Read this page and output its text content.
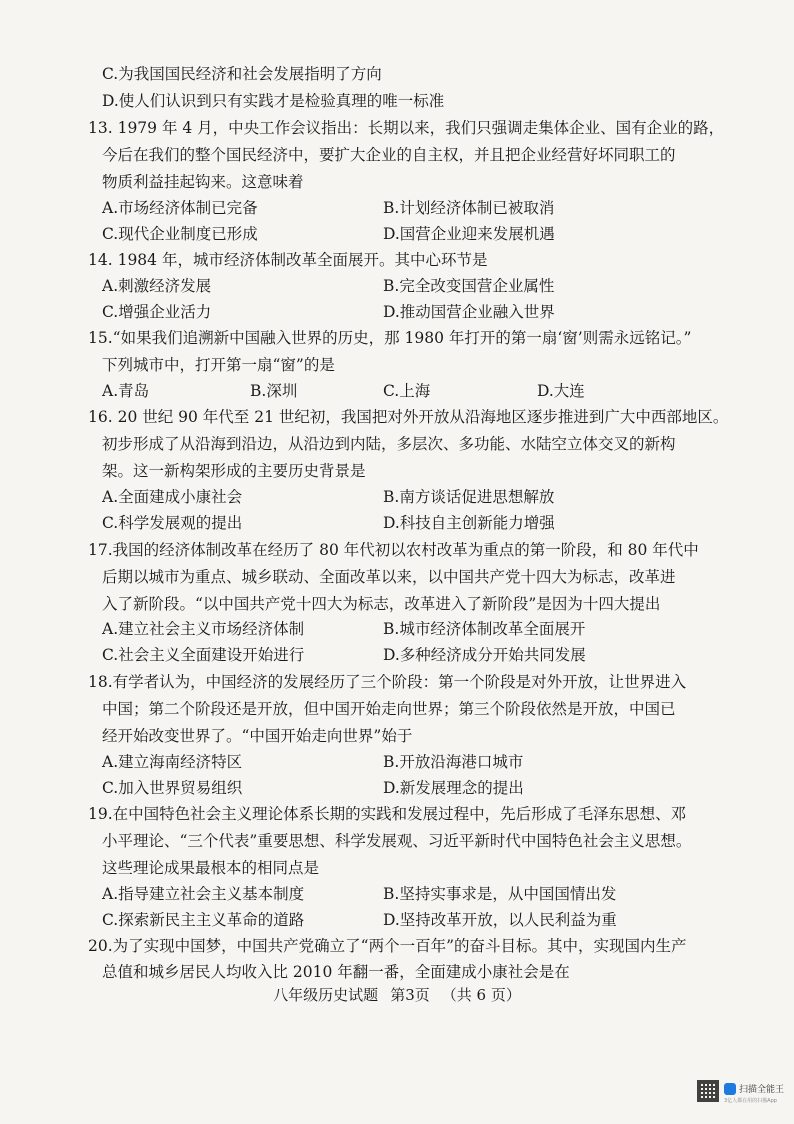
C.为我国国民经济和社会发展指明了方向
D.使人们认识到只有实践才是检验真理的唯一标准
13. 1979 年 4 月，中央工作会议指出：长期以来，我们只强调走集体企业、国有企业的路，
今后在我们的整个国民经济中，要扩大企业的自主权，并且把企业经营好坏同职工的
物质利益挂起钩来。这意味着
A.市场经济体制已完备	B.计划经济体制已被取消
C.现代企业制度已形成	D.国营企业迎来发展机遇
14. 1984 年，城市经济体制改革全面展开。其中心环节是
A.刺激经济发展	B.完全改变国营企业属性
C.增强企业活力	D.推动国营企业融入世界
15.“如果我们追溯新中国融入世界的历史，那 1980 年打开的第一扇‘窗’则需永远铭记。”
下列城市中，打开第一扇“窗”的是
A.青岛	B.深圳	C.上海	D.大连
16. 20 世纪 90 年代至 21 世纪初，我国把对外开放从沿海地区逐步推进到广大中西部地区。
初步形成了从沿海到沿边，从沿边到内陆，多层次、多功能、水陆空立体交叉的新构
架。这一新构架形成的主要历史背景是
A.全面建成小康社会	B.南方谈话促进思想解放
C.科学发展观的提出	D.科技自主创新能力增强
17.我国的经济体制改革在经历了 80 年代初以农村改革为重点的第一阶段，和 80 年代中
后期以城市为重点、城乡联动、全面改革以来，以中国共产党十四大为标志，改革进
入了新阶段。“以中国共产党十四大为标志，改革进入了新阶段”是因为十四大提出
A.建立社会主义市场经济体制	B.城市经济体制改革全面展开
C.社会主义全面建设开始进行	D.多种经济成分开始共同发展
18.有学者认为，中国经济的发展经历了三个阶段：第一个阶段是对外开放，让世界进入
中国；第二个阶段还是开放，但中国开始走向世界；第三个阶段依然是开放，中国已
经开始改变世界了。“中国开始走向世界”始于
A.建立海南经济特区	B.开放沿海港口城市
C.加入世界贸易组织	D.新发展理念的提出
19.在中国特色社会主义理论体系长期的实践和发展过程中，先后形成了毛泽东思想、邓
小平理论、“三个代表”重要思想、科学发展观、习近平新时代中国特色社会主义思想。
这些理论成果最根本的相同点是
A.指导建立社会主义基本制度	B.坚持实事求是，从中国国情出发
C.探索新民主主义革命的道路	D.坚持改革开放，以人民利益为重
20.为了实现中国梦，中国共产党确立了“两个一百年”的奋斗目标。其中，实现国内生产
总值和城乡居民人均收入比 2010 年翻一番，全面建成小康社会是在
八年级历史试题 第3页 （共 6 页）
扫描全能王
3亿人都在用的扫描App
